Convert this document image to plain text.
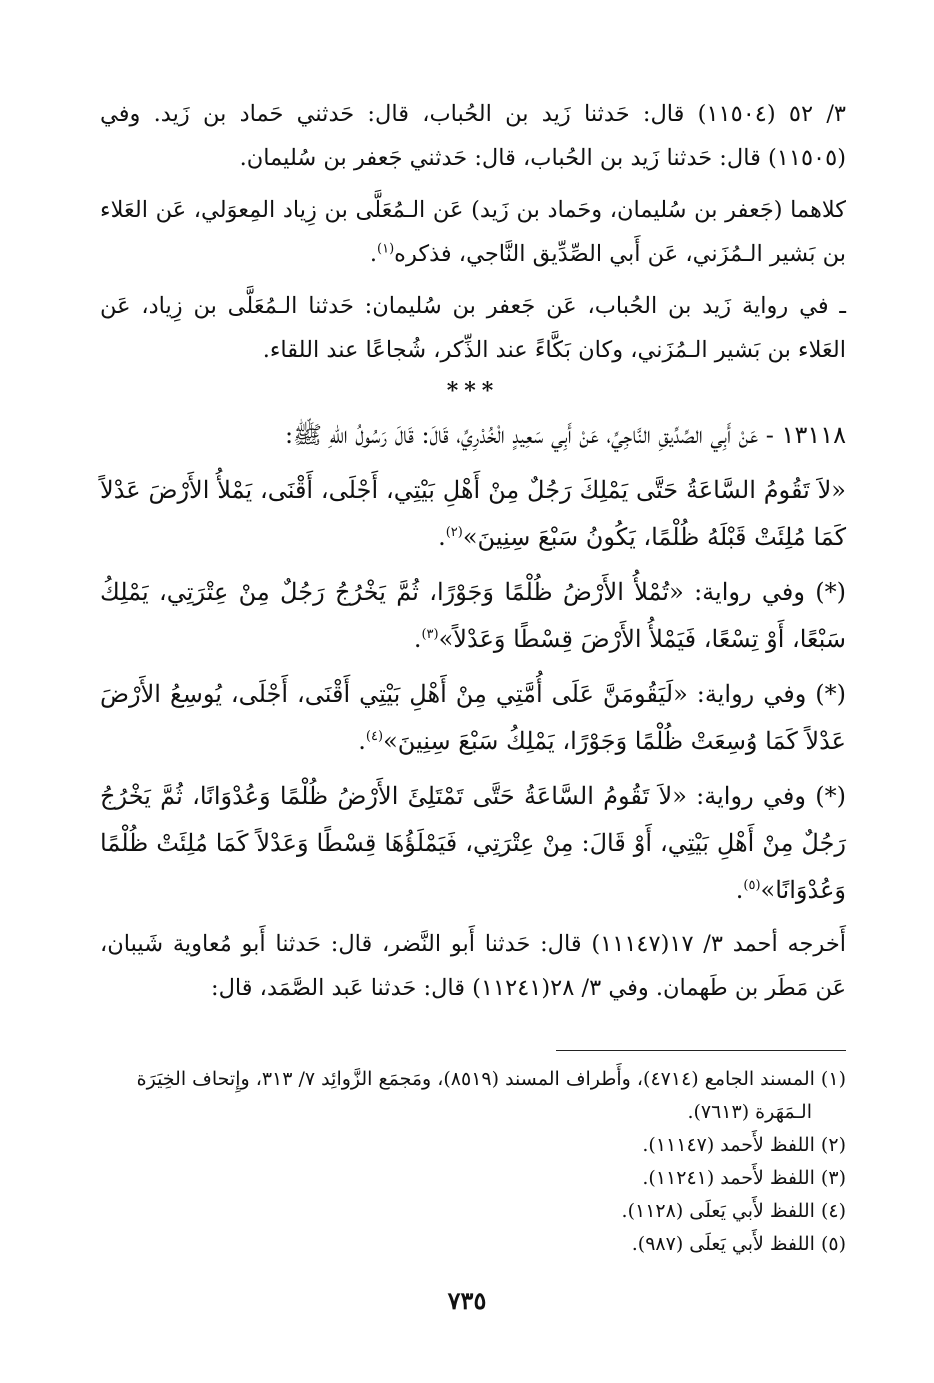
٣/ ٥٢ (١١٥٠٤) قال: حَدثنا زَيد بن الحُباب، قال: حَدثني حَماد بن زَيد. وفي (١١٥٠٥) قال: حَدثنا زَيد بن الحُباب، قال: حَدثني جَعفر بن سُليمان.

كلاهما (جَعفر بن سُليمان، وحَماد بن زَيد) عَن الـمُعَلَّى بن زِياد المِعوَلي، عَن العَلاء بن بَشير الـمُزَني، عَن أَبي الصِّدِّيق النَّاجي، فذكره$^{(١)}$.

ـ في رواية زَيد بن الحُباب، عَن جَعفر بن سُليمان: حَدثنا الـمُعَلَّى بن زِياد، عَن العَلاء بن بَشير الـمُزَني، وكان بَكَّاءً عند الذِّكر، شُجاعًا عند اللقاء.

***

١٣١١٨ - عَنْ أَبِي الصِّدِّيقِ النَّاجِيِّ، عَنْ أَبِي سَعِيدٍ الْخُدْرِيِّ، قَالَ: قَالَ رَسُولُ اللهِ ﷺ:

«لاَ تَقُومُ السَّاعَةُ حَتَّى يَمْلِكَ رَجُلٌ مِنْ أَهْلِ بَيْتِي، أَجْلَى، أَقْنَى، يَمْلأُ الأَرْضَ عَدْلاً كَمَا مُلِئَتْ قَبْلَهُ ظُلْمًا، يَكُونُ سَبْعَ سِنِينَ»$^{(٢)}$.

(*) وفي رواية: «تُمْلأُ الأَرْضُ ظُلْمًا وَجَوْرًا، ثُمَّ يَخْرُجُ رَجُلٌ مِنْ عِتْرَتِي، يَمْلِكُ سَبْعًا، أَوْ تِسْعًا، فَيَمْلأُ الأَرْضَ قِسْطًا وَعَدْلاً»$^{(٣)}$.

(*) وفي رواية: «لَيَقُومَنَّ عَلَى أُمَّتِي مِنْ أَهْلِ بَيْتِي أَقْنَى، أَجْلَى، يُوسِعُ الأَرْضَ عَدْلاً كَمَا وُسِعَتْ ظُلْمًا وَجَوْرًا، يَمْلِكُ سَبْعَ سِنِينَ»$^{(٤)}$.

(*) وفي رواية: «لاَ تَقُومُ السَّاعَةُ حَتَّى تَمْتَلِئَ الأَرْضُ ظُلْمًا وَعُدْوَانًا، ثُمَّ يَخْرُجُ رَجُلٌ مِنْ أَهْلِ بَيْتِي، أَوْ قَالَ: مِنْ عِتْرَتِي، فَيَمْلَؤُهَا قِسْطًا وَعَدْلاً كَمَا مُلِئَتْ ظُلْمًا وَعُدْوَانًا»$^{(٥)}$.

أَخرجه أحمد ٣/ ١٧(١١١٤٧) قال: حَدثنا أَبو النَّضر، قال: حَدثنا أَبو مُعاوية شَيبان، عَن مَطَر بن طَهمان. وفي ٣/ ٢٨(١١٢٤١) قال: حَدثنا عَبد الصَّمَد، قال:

(١) المسند الجامع (٤٧١٤)، وأَطراف المسند (٨٥١٩)، ومَجمَع الزَّوائِد ٧/ ٣١٣، وإِتحاف الخِيَرَة

الـمَهَرة (٧٦١٣).

(٢) اللفظ لأَحمد (١١١٤٧).

(٣) اللفظ لأَحمد (١١٢٤١).

(٤) اللفظ لأَبي يَعلَى (١١٢٨).

(٥) اللفظ لأَبي يَعلَى (٩٨٧).

٧٣٥
